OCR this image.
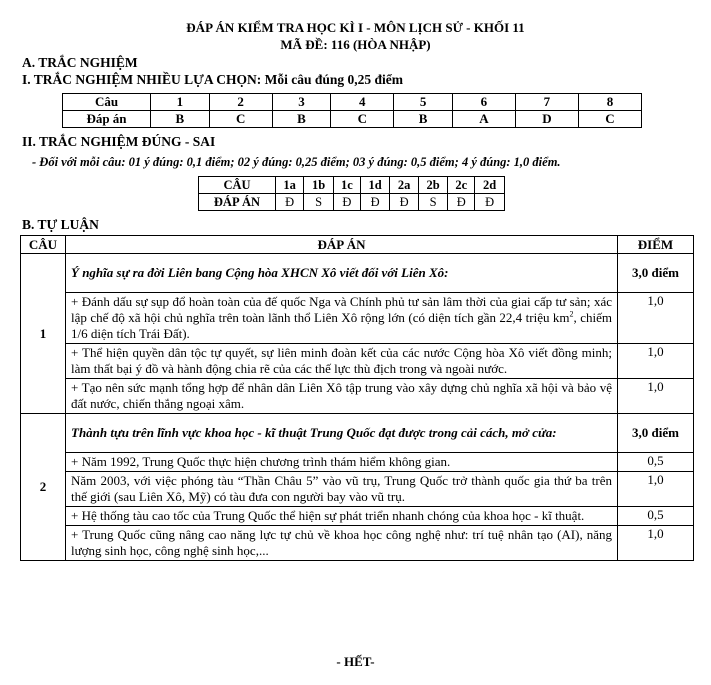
ĐÁP ÁN KIỂM TRA HỌC KÌ I - MÔN LỊCH SỬ - KHỐI 11
MÃ ĐỀ: 116 (HÒA NHẬP)
A. TRẮC NGHIỆM
I. TRẮC NGHIỆM NHIỀU LỰA CHỌN: Mỗi câu đúng 0,25 điểm
Câu	1	2	3	4	5	6	7	8
Đáp án	B	C	B	C	B	A	D	C
II. TRẮC NGHIỆM ĐÚNG - SAI
- Đối với mỗi câu: 01 ý đúng: 0,1 điểm; 02 ý đúng: 0,25 điểm; 03 ý đúng: 0,5 điểm; 4 ý đúng: 1,0 điểm.
CÂU	1a	1b	1c	1d	2a	2b	2c	2d
ĐÁP ÁN	Đ	S	Đ	Đ	Đ	S	Đ	Đ
B. TỰ LUẬN
CÂU	ĐÁP ÁN	ĐIỂM
1	Ý nghĩa sự ra đời Liên bang Cộng hòa XHCN Xô viết đối với Liên Xô:	3,0 điểm
	+ Đánh dấu sự sụp đổ hoàn toàn của đế quốc Nga và Chính phủ tư sản lâm thời của giai cấp tư sản; xác lập chế độ xã hội chủ nghĩa trên toàn lãnh thổ Liên Xô rộng lớn (có diện tích gần 22,4 triệu $km^2$, chiếm 1/6 diện tích Trái Đất).	1,0
	+ Thể hiện quyền dân tộc tự quyết, sự liên minh đoàn kết của các nước Cộng hòa Xô viết đồng minh; làm thất bại ý đồ và hành động chia rẽ của các thế lực thù địch trong và ngoài nước.	1,0
	+ Tạo nên sức mạnh tổng hợp để nhân dân Liên Xô tập trung vào xây dựng chủ nghĩa xã hội và bảo vệ đất nước, chiến thắng ngoại xâm.	1,0
2	Thành tựu trên lĩnh vực khoa học - kĩ thuật Trung Quốc đạt được trong cải cách, mở cửa:	3,0 điểm
	+ Năm 1992, Trung Quốc thực hiện chương trình thám hiểm không gian.	0,5
	Năm 2003, với việc phóng tàu “Thần Châu 5” vào vũ trụ, Trung Quốc trở thành quốc gia thứ ba trên thế giới (sau Liên Xô, Mỹ) có tàu đưa con người bay vào vũ trụ.	1,0
	+ Hệ thống tàu cao tốc của Trung Quốc thể hiện sự phát triển nhanh chóng của khoa học - kĩ thuật.	0,5
	+ Trung Quốc cũng nâng cao năng lực tự chủ về khoa học công nghệ như: trí tuệ nhân tạo (AI), năng lượng sinh học, công nghệ sinh học,...	1,0
- HẾT-
